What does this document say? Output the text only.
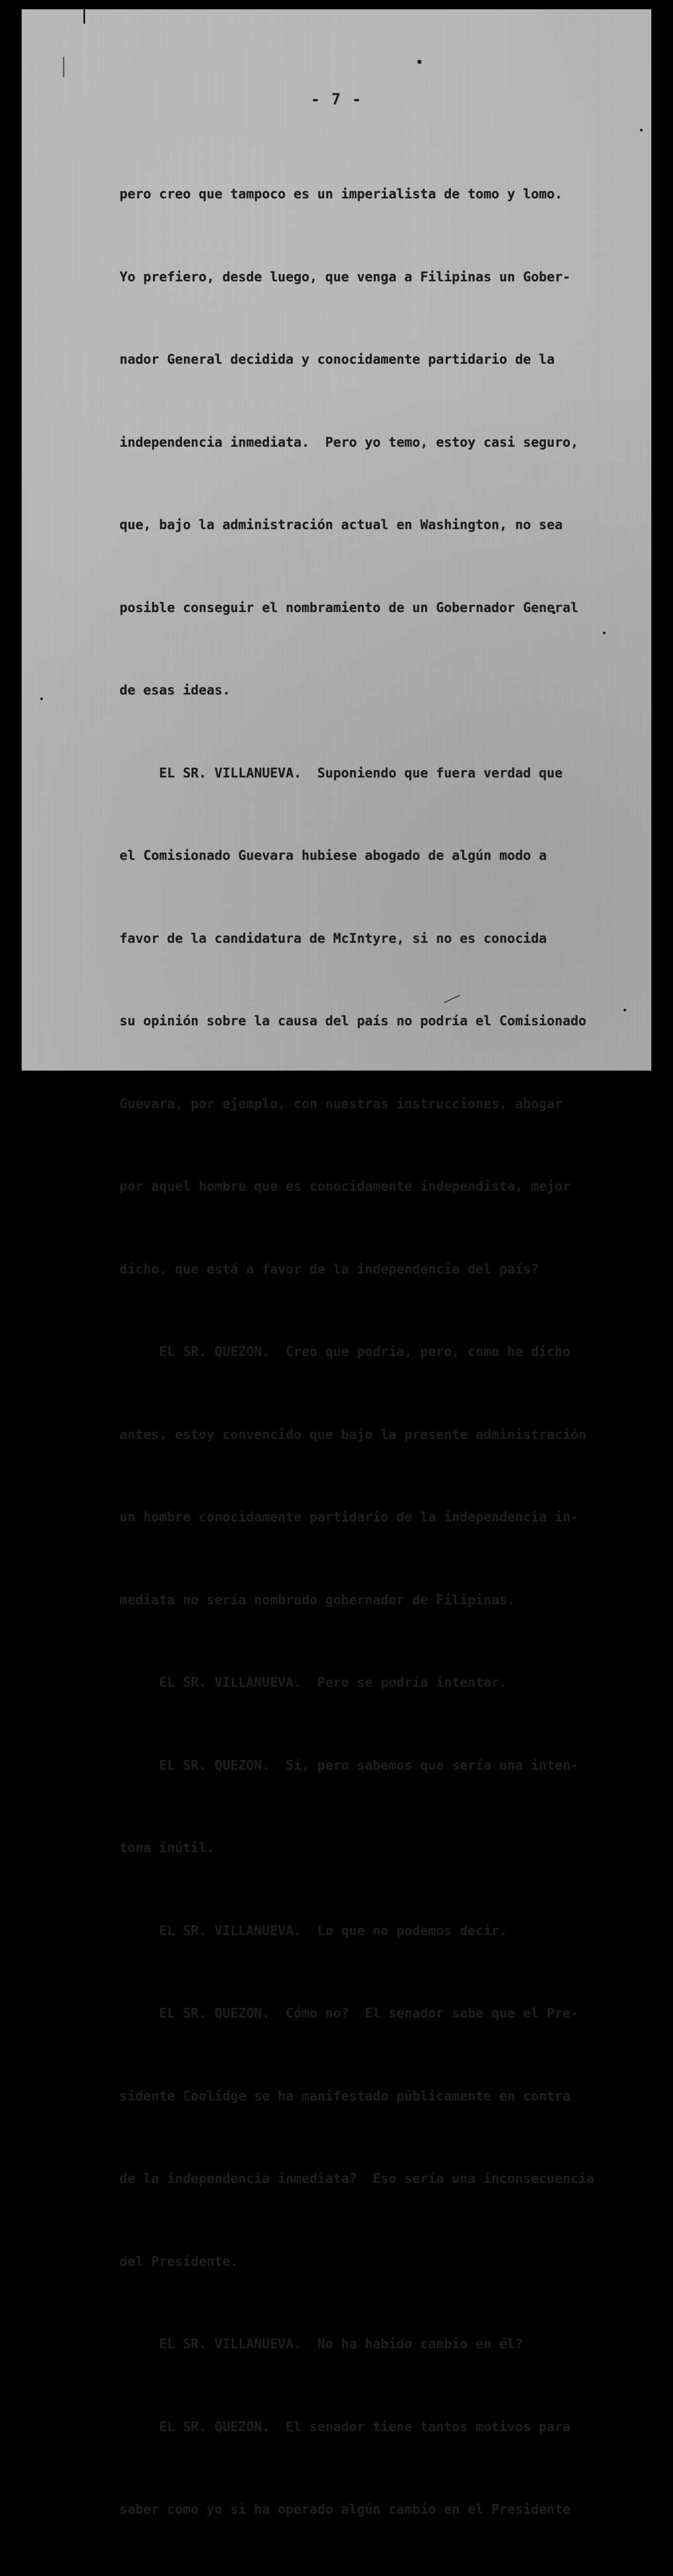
- 7 -

pero creo que tampoco es un imperialista de tomo y lomo.

Yo prefiero, desde luego, que venga a Filipinas un Gober-

nador General decidida y conocidamente partidario de la

independencia inmediata.  Pero yo temo, estoy casi seguro,

que, bajo la administración actual en Washington, no sea

posible conseguir el nombramiento de un Gobernador General

de esas ideas.

EL SR. VILLANUEVA.  Suponiendo que fuera verdad que

el Comisionado Guevara hubiese abogado de algún modo a

favor de la candidatura de McIntyre, si no es conocida

su opinión sobre la causa del país no podría el Comisionado

Guevara, por ejemplo, con nuestras instrucciones, abogar

por aquel hombre que es conocidamente independista, mejor

dicho, que está a favor de la independencia del país?

EL SR. QUEZON.  Creo que podría, pero, como he dicho

antes, estoy convencido que bajo la presente administración

un hombre conocidamente partidario de la independencia in-

mediata no sería nombrado gobernador de Filipinas.

EL SR. VILLANUEVA.  Pero se podría intentar.

EL SR. QUEZON.  Sí, pero sabemos que sería una inten-

tona inútil.

EL SR. VILLANUEVA.  Lo que no podemos decir.

EL SR. QUEZON.  Cómo no?  El senador sabe que el Pre-

sidente Coolidge se ha manifestado públicamente en contra

de la independencia inmediata?  Eso sería una inconsecuencia

del Presidente.

EL SR. VILLANUEVA.  No ha habido cambio en él?

EL SR. QUEZON.  El senador tiene tantos motivos para

saber como yo si ha operado algún cambio en el Presidente
